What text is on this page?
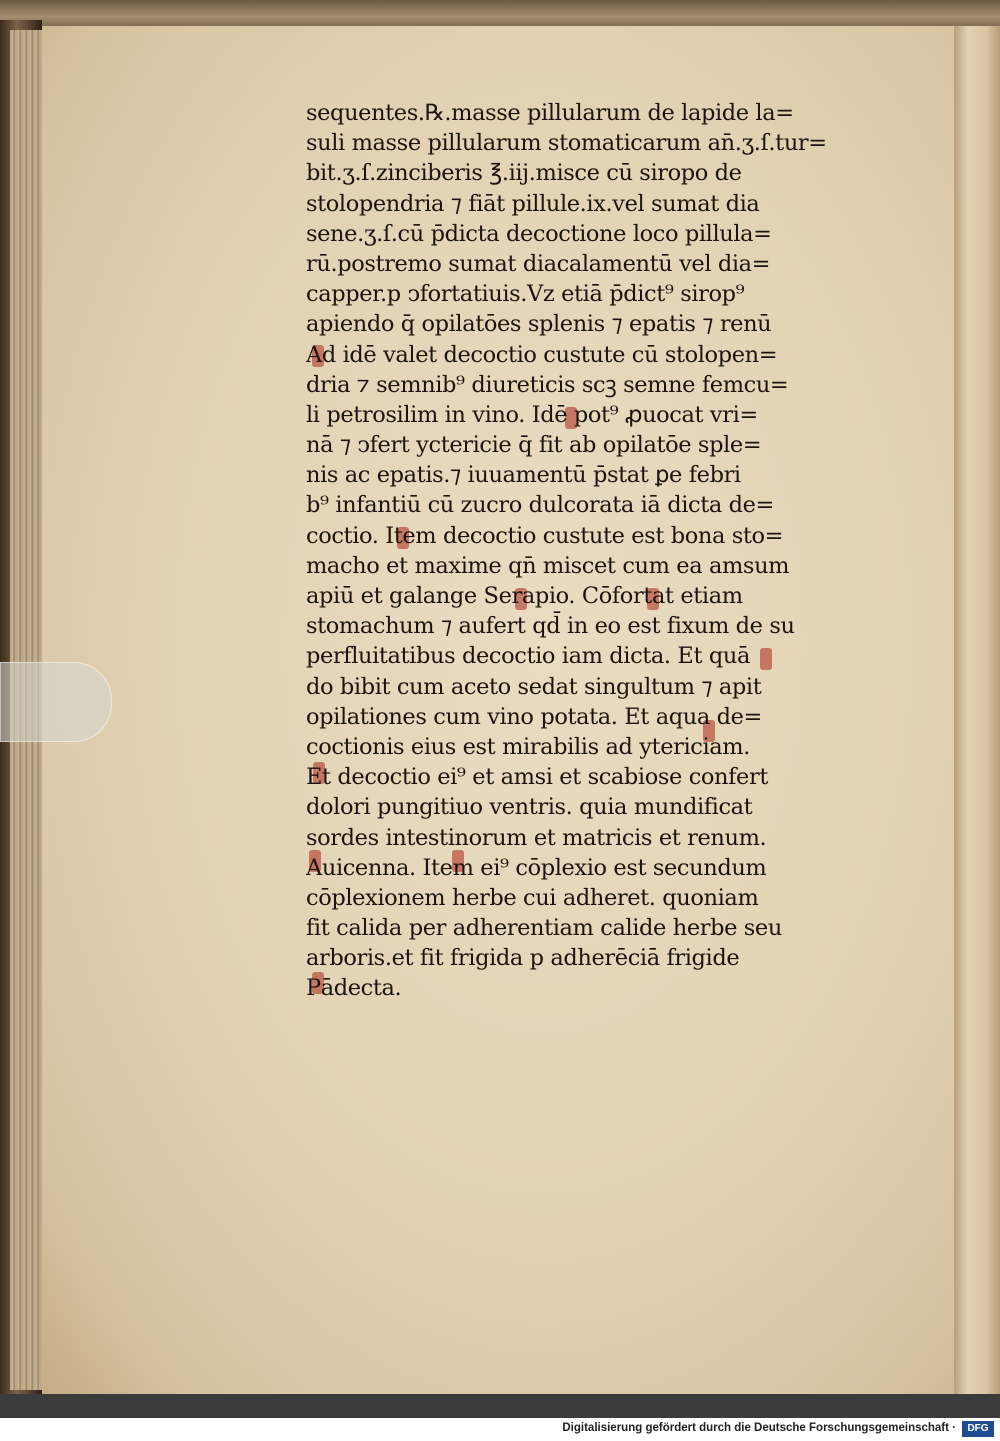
sequentes.℞.masse pillularum de lapide la=
suli masse pillularum stomaticarum an̄.ʒ.ſ.tur=
bit.ʒ.ſ.zinciberis ℥.iij.misce cū siropo de
stolopendria ⁊ fiāt pillule.ix.vel sumat dia
sene.ʒ.ſ.cū p̄dicta decoctione loco pillula=
rū.postremo sumat diacalamentū vel dia=
capper.p ↄfortatiuis.Vz etiā p̄dict⁹ sirop⁹
apiendo q̄ opilatōes splenis ⁊ epatis ⁊ renū
Ad idē valet decoctio custute cū stolopen=
dria ⁊ semnib⁹ diureticis scꝫ semne femcu=
li petrosilim in vino. Idē pot⁹ ꝓuocat vri=
nā ⁊ ↄfert yctericie q̄ fit ab opilatōe sple=
nis ac epatis.⁊ iuuamentū p̄stat ꝑe febri
b⁹ infantiū cū zucro dulcorata iā dicta de=
coctio. Item decoctio custute est bona sto=
macho et maxime qn̄ miscet cum ea amsum
apiū et galange Serapio. Cōfortat etiam
stomachum ⁊ aufert qd̄ in eo est fixum de su
perfluitatibus decoctio iam dicta. Et quā
do bibit cum aceto sedat singultum ⁊ apit
opilationes cum vino potata. Et aqua de=
coctionis eius est mirabilis ad ytericiam.
Et decoctio ei⁹ et amsi et scabiose confert
dolori pungitiuo ventris. quia mundificat
sordes intestinorum et matricis et renum.
Auicenna. Item ei⁹ cōplexio est secundum
cōplexionem herbe cui adheret. quoniam
fit calida per adherentiam calide herbe seu
arboris.et fit frigida p adherēciā frigide
Pādecta.
Digitalisierung gefördert durch die Deutsche Forschungsgemeinschaft ·	DFG
